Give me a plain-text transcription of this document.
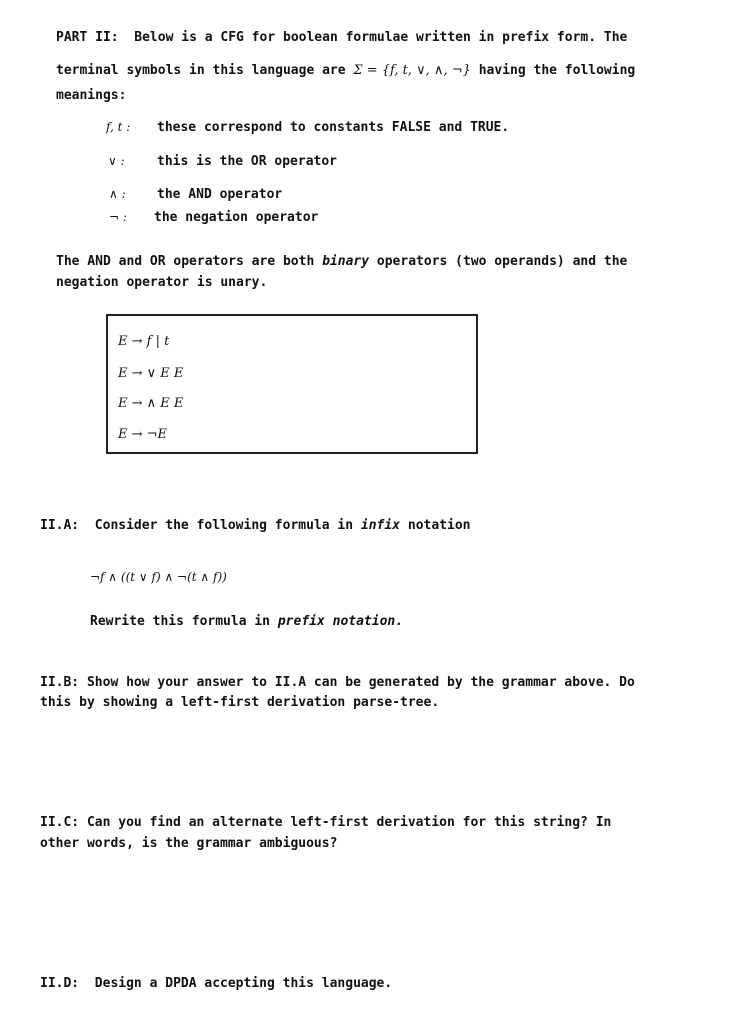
PART II: Below is a CFG for boolean formulae written in prefix form. The
terminal symbols in this language are Σ = {f, t, ∨, ∧, ¬} having the following
meanings:
f, t : these correspond to constants FALSE and TRUE.
∨ : this is the OR operator
∧ : the AND operator
¬ : the negation operator
The AND and OR operators are both binary operators (two operands) and the
negation operator is unary.
E → f | t
E → ∨ E E
E → ∧ E E
E → ¬E
II.A: Consider the following formula in infix notation
¬f ∧ ((t ∨ f) ∧ ¬(t ∧ f))
Rewrite this formula in prefix notation.
II.B: Show how your answer to II.A can be generated by the grammar above. Do
this by showing a left-first derivation parse-tree.
II.C: Can you find an alternate left-first derivation for this string? In
other words, is the grammar ambiguous?
II.D: Design a DPDA accepting this language.
